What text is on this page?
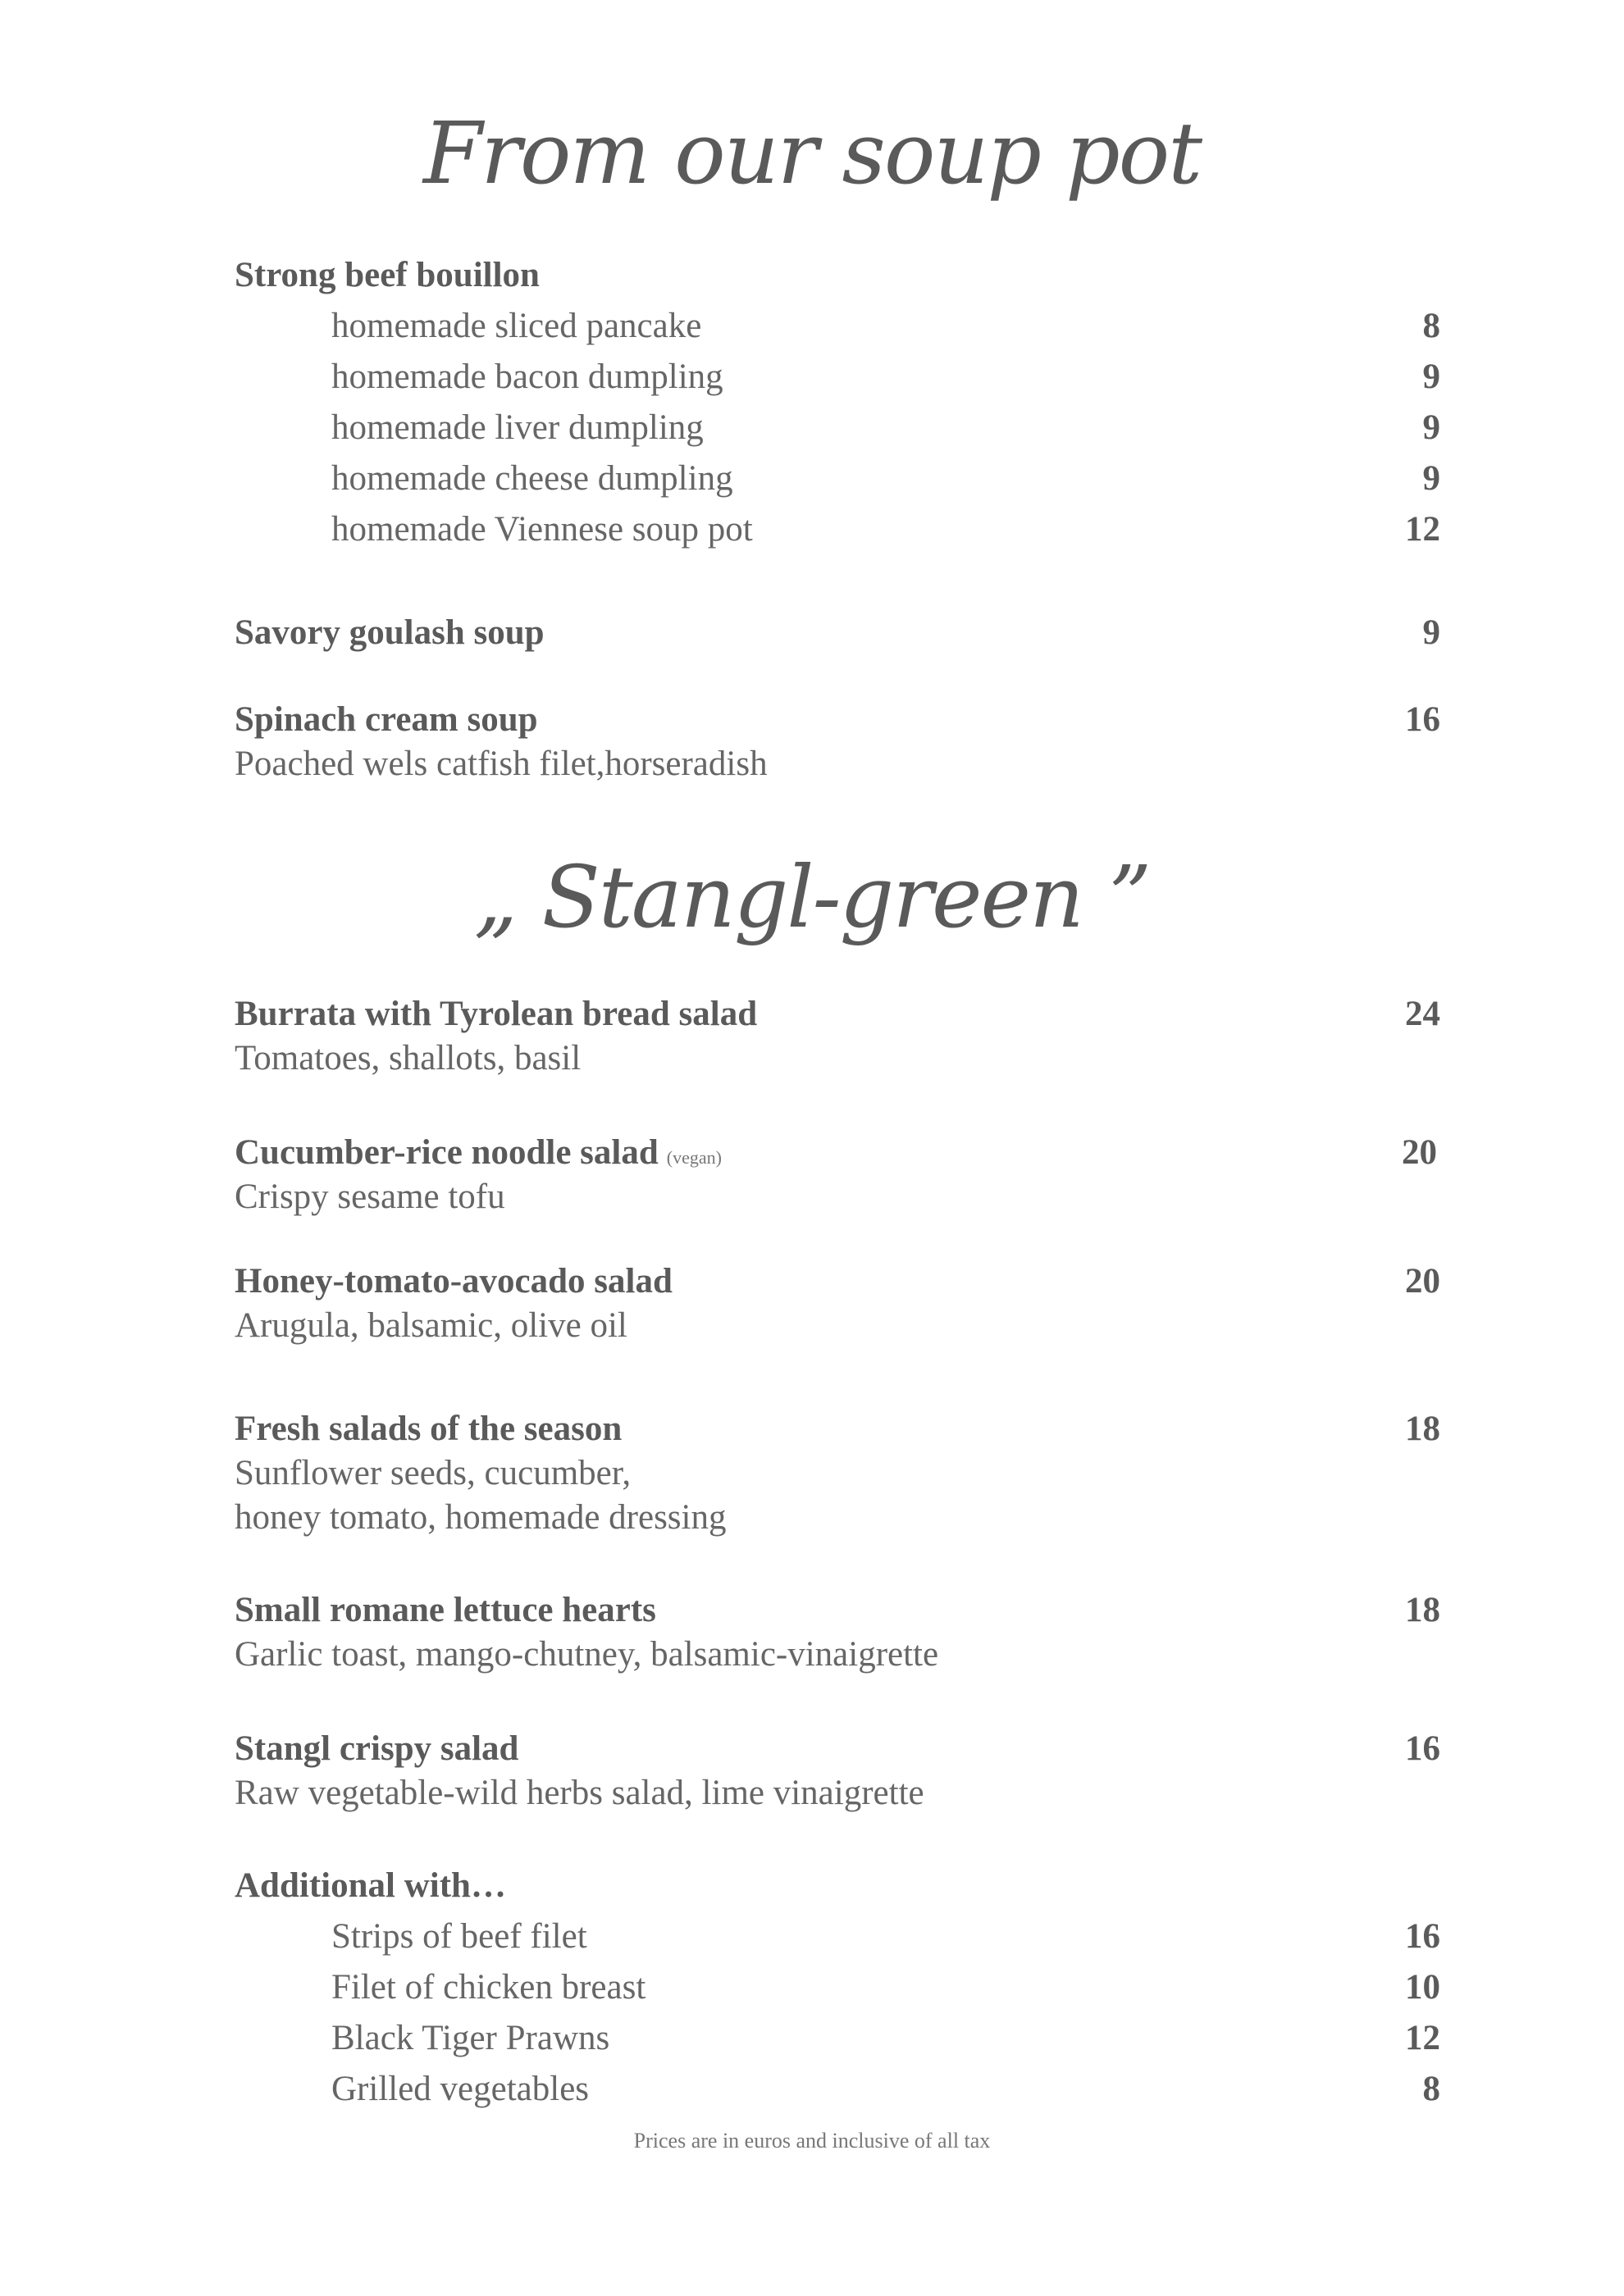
From our soup pot
Strong beef bouillon
homemade sliced pancake	8
homemade bacon dumpling	9
homemade liver dumpling	9
homemade cheese dumpling	9
homemade Viennese soup pot	12
Savory goulash soup	9
Spinach cream soup	16
Poached wels catfish filet,horseradish
„ Stangl-green ”
Burrata with Tyrolean bread salad	24
Tomatoes, shallots, basil
Cucumber-rice noodle salad (vegan)	20
Crispy sesame tofu
Honey-tomato-avocado salad	20
Arugula, balsamic, olive oil
Fresh salads of the season	18
Sunflower seeds, cucumber,
honey tomato, homemade dressing
Small romane lettuce hearts	18
Garlic toast, mango-chutney, balsamic-vinaigrette
Stangl crispy salad	16
Raw vegetable-wild herbs salad, lime vinaigrette
Additional with…
Strips of beef filet	16
Filet of chicken breast	10
Black Tiger Prawns	12
Grilled vegetables	8
Prices are in euros and inclusive of all tax
